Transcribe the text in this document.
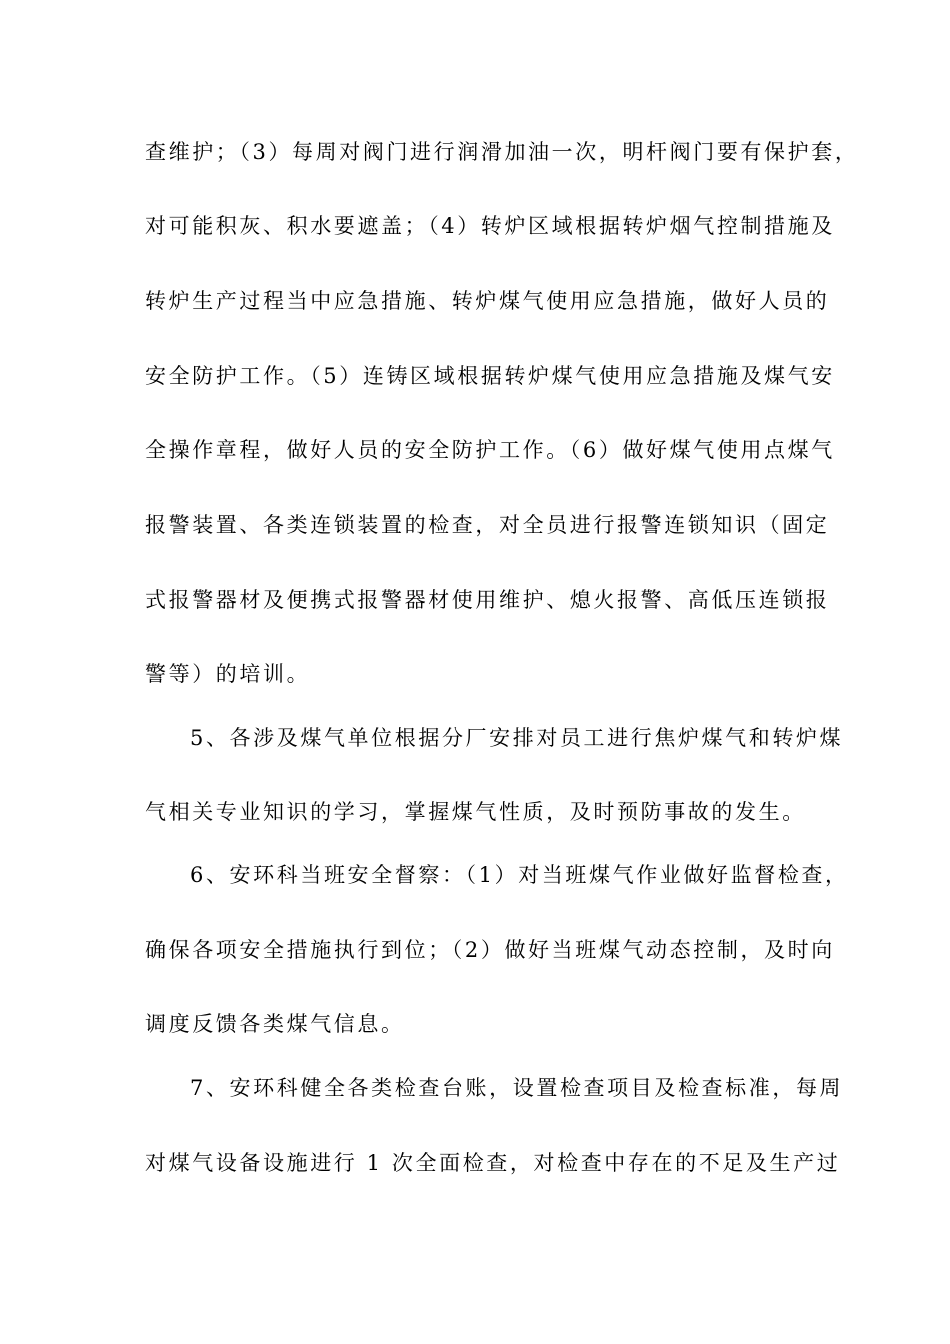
查维护；（3）每周对阀门进行润滑加油一次，明杆阀门要有保护套，
对可能积灰、积水要遮盖；（4）转炉区域根据转炉烟气控制措施及
转炉生产过程当中应急措施、转炉煤气使用应急措施，做好人员的
安全防护工作。（5）连铸区域根据转炉煤气使用应急措施及煤气安
全操作章程，做好人员的安全防护工作。（6）做好煤气使用点煤气
报警装置、各类连锁装置的检查，对全员进行报警连锁知识（固定
式报警器材及便携式报警器材使用维护、熄火报警、高低压连锁报
警等）的培训。
5、各涉及煤气单位根据分厂安排对员工进行焦炉煤气和转炉煤
气相关专业知识的学习，掌握煤气性质，及时预防事故的发生。
6、安环科当班安全督察：（1）对当班煤气作业做好监督检查，
确保各项安全措施执行到位；（2）做好当班煤气动态控制，及时向
调度反馈各类煤气信息。
7、安环科健全各类检查台账，设置检查项目及检查标准，每周
对煤气设备设施进行 1 次全面检查，对检查中存在的不足及生产过
